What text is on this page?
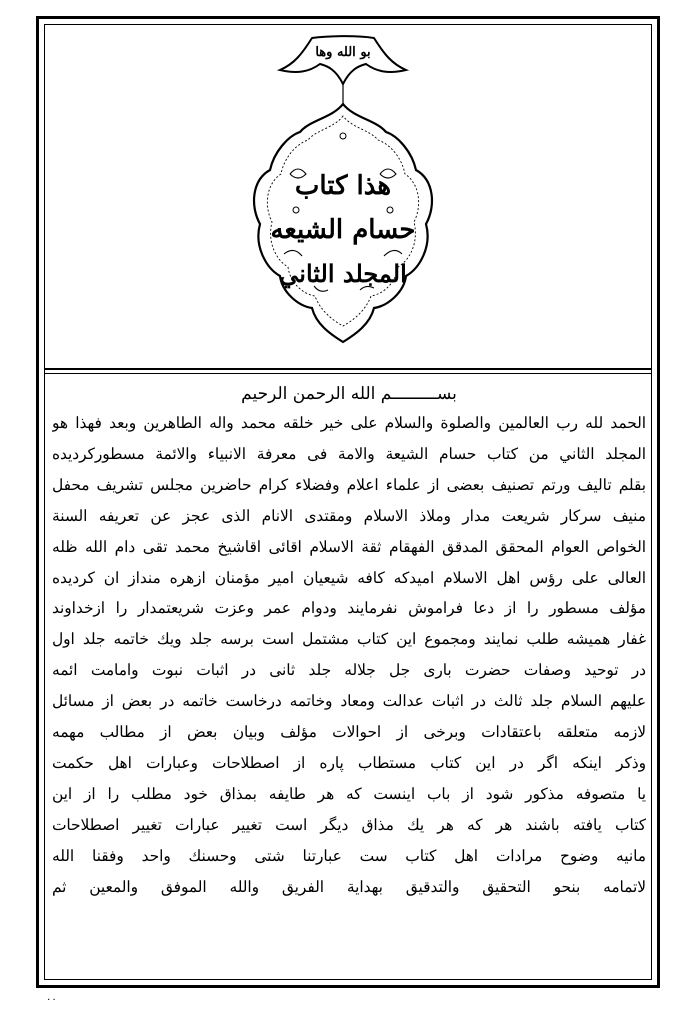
بو الله وها
هذا كتاب
حسام الشيعه
المجلد الثاني
بســـــــــم الله الرحمن الرحيم
الحمد لله رب العالمين والصلوة والسلام على خير خلقه محمد واله الطاهرين وبعد فهذا هو
المجلد الثاني من كتاب حسام الشيعة والامة فى معرفة الانبياء والائمة مسطوركرديده
بقلم تاليف ورتم تصنيف بعضى از علماء اعلام وفضلاء كرام حاضرين مجلس تشريف محفل
منيف سركار شريعت مدار وملاذ الاسلام ومقتدى الانام الذى عجز عن تعريفه السنة
الخواص العوام المحقق المدقق الفهقام ثقة الاسلام اقائى اقاشيخ محمد تقى دام الله ظله
العالى على رؤس اهل الاسلام اميدكه كافه شيعيان امير مؤمنان ازهره منداز ان كرديده
مؤلف مسطور را از دعا فراموش نفرمايند ودوام عمر وعزت شريعتمدار را ازخداوند
غفار هميشه طلب نمايند ومجموع اين كتاب مشتمل است برسه جلد ويك خاتمه جلد اول
در توحيد وصفات حضرت بارى جل جلاله جلد ثانى در اثبات نبوت وامامت ائمه
عليهم السلام جلد ثالث در اثبات عدالت ومعاد وخاتمه درخاست خاتمه در بعض از مسائل
لازمه متعلقه باعتقادات وبرخى از احوالات مؤلف وبيان بعض از مطالب مهمه
وذكر اينكه اگر در اين كتاب مستطاب پاره از اصطلاحات وعبارات اهل حكمت
يا متصوفه مذكور شود از باب اينست كه هر طايفه بمذاق خود مطلب را از اين
كتاب يافته باشند هر كه هر يك مذاق ديگر است تغيير عبارات تغيير اصطلاحات
مانيه وضوح مرادات اهل كتاب ست عبارتنا شتى وحسنك واحد وفقنا الله
لاتمامه بنحو التحقيق والتدقيق بهداية الفريق والله الموفق والمعين ثم
٠٠
